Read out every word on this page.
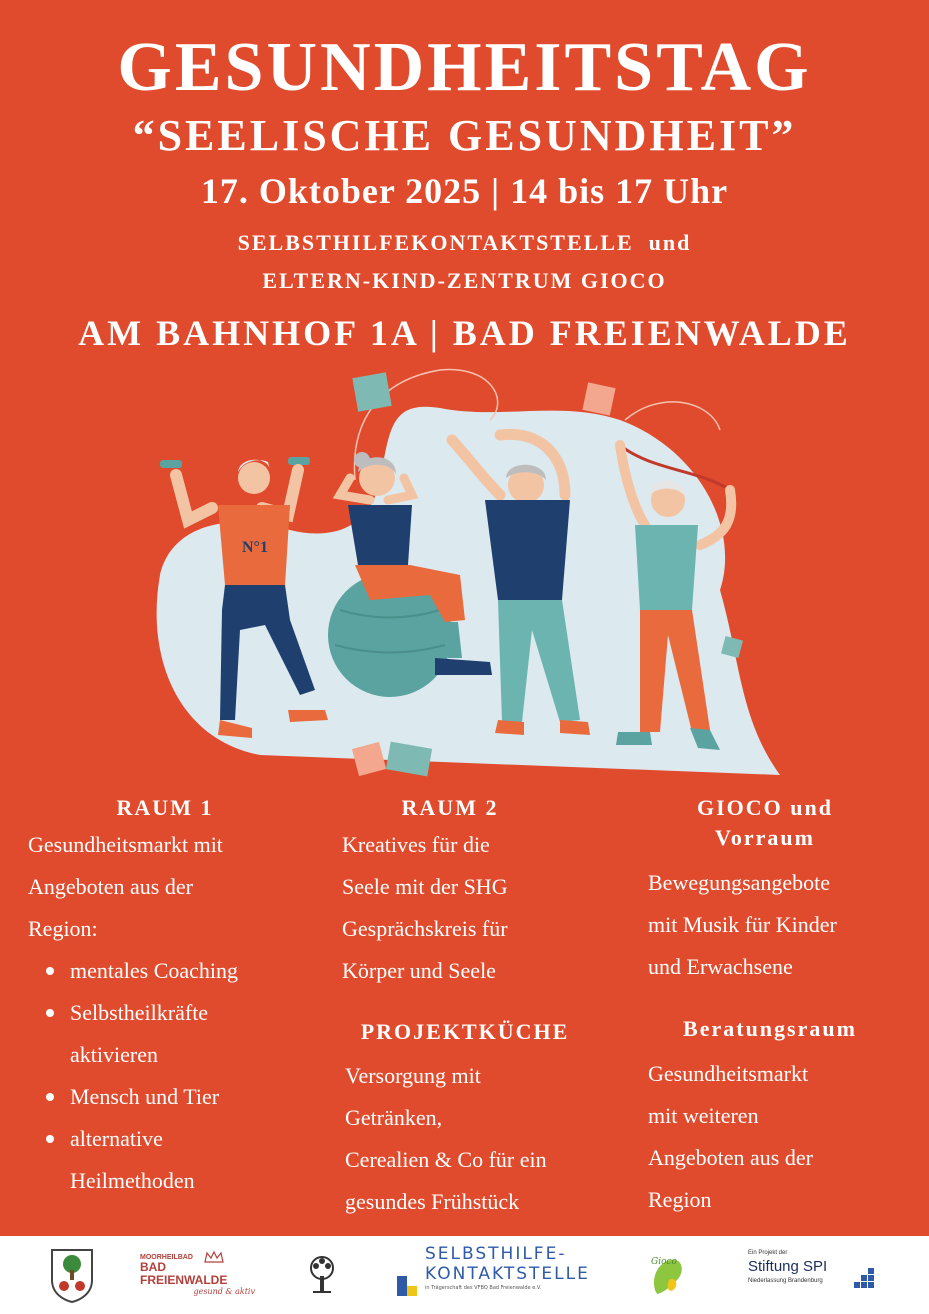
GESUNDHEITSTAG
“SEELISCHE GESUNDHEIT”
17. Oktober 2025 | 14 bis 17 Uhr
SELBSTHILFEKONTAKTSTELLE  und
ELTERN-KIND-ZENTRUM GIOCO
AM BAHNHOF 1A | BAD FREIENWALDE
N°1
RAUM 1
Gesundheitsmarkt mit
Angeboten aus der
Region:
mentales Coaching
Selbstheilkräfte
aktivieren
Mensch und Tier
alternative
Heilmethoden
RAUM 2
Kreatives für die
Seele mit der SHG
Gesprächskreis für
Körper und Seele
PROJEKTKÜCHE
Versorgung mit
Getränken,
Cerealien & Co für ein
gesundes Frühstück
GIOCO und
Vorraum
Bewegungsangebote
mit Musik für Kinder
und Erwachsene
Beratungsraum
Gesundheitsmarkt
mit weiteren
Angeboten aus der
Region
MOORHEILBAD
BAD FREIENWALDE
gesund & aktiv
SELBSTHILFE-
KONTAKTSTELLE
in Trägerschaft des VFBQ Bad Freienwalde e.V.
Gioco
Ein Projekt der
Stiftung SPI
Niederlassung Brandenburg
